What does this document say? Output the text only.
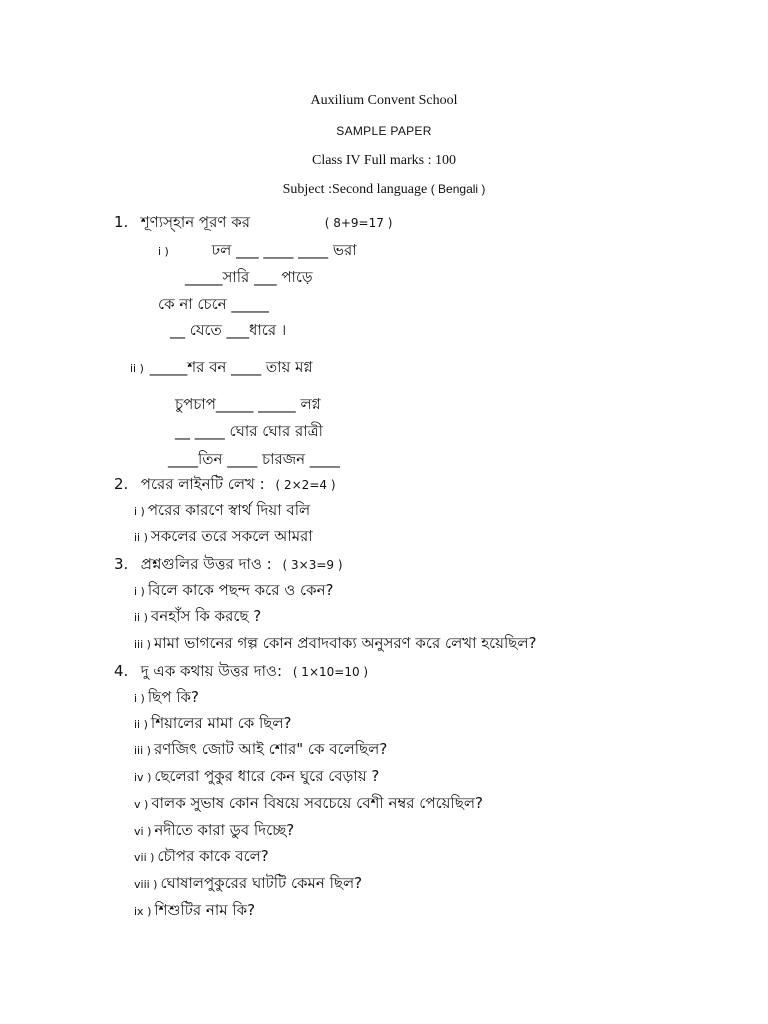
Auxilium Convent School
SAMPLE PAPER
Class IV Full marks : 100
Subject :Second language ( Bengali )
1. শূণ্যস্হান পূরণ কর	( 8+9=17 )
i )	ঢল ___ ____ ____ ভরা
_____সারি ___ পাড়ে
কে না চেনে _____
__ যেতে ___ধারে ।
ii ) _____শর বন ____ তায় মগ্ন
চুপচাপ_____ _____ লগ্ন
__ ____ ঘোর ঘোর রাত্রী
____তিন ____ চারজন ____
2. পরের লাইনটি লেখ : ( 2×2=4 )
i ) পরের কারণে স্বার্থ দিয়া বলি
ii ) সকলের তরে সকলে আমরা
3. প্রশ্নগুলির উত্তর দাও : ( 3×3=9 )
i ) বিলে কাকে পছন্দ করে ও কেন?
ii ) বনহাঁস কি করছে ?
iii ) মামা ভাগনের গল্প কোন প্রবাদবাক্য অনুসরণ করে লেখা হয়েছিল?
4. দু এক কথায় উত্তর দাও: ( 1×10=10 )
i ) ছিপ কি?
ii ) শিয়ালের মামা কে ছিল?
iii ) রণজিৎ জোট আই শোর" কে বলেছিল?
iv ) ছেলেরা পুকুর ধারে কেন ঘুরে বেড়ায় ?
v ) বালক সুভাষ কোন বিষয়ে সবচেয়ে বেশী নম্বর পেয়েছিল?
vi ) নদীতে কারা ডুব দিচ্ছে?
vii ) চৌপর কাকে বলে?
viii ) ঘোষালপুকুরের ঘাটটি কেমন ছিল?
ix ) শিশুটির নাম কি?
